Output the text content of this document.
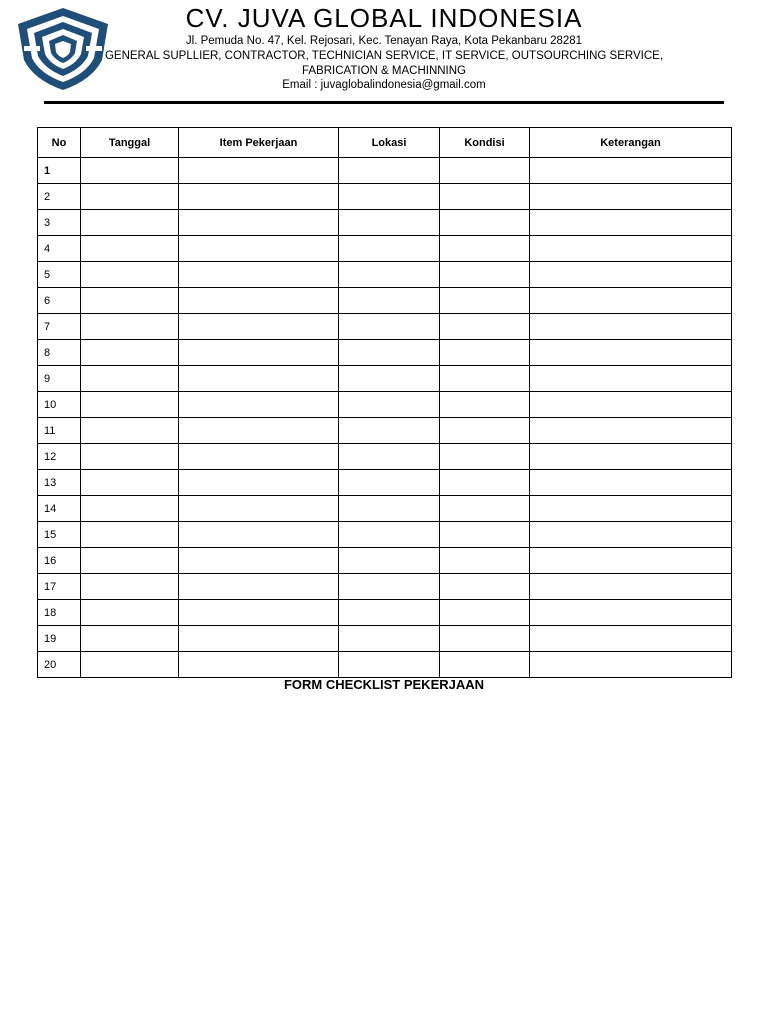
CV. JUVA GLOBAL INDONESIA
Jl. Pemuda No. 47, Kel. Rejosari, Kec. Tenayan Raya, Kota Pekanbaru 28281
GENERAL SUPLLIER, CONTRACTOR, TECHNICIAN SERVICE, IT SERVICE, OUTSOURCHING SERVICE,
FABRICATION & MACHINNING
Email : juvaglobalindonesia@gmail.com
No	Tanggal	Item Pekerjaan	Lokasi	Kondisi	Keterangan
1					
2					
3					
4					
5					
6					
7					
8					
9					
10					
11					
12					
13					
14					
15					
16					
17					
18					
19					
20					
FORM CHECKLIST PEKERJAAN
